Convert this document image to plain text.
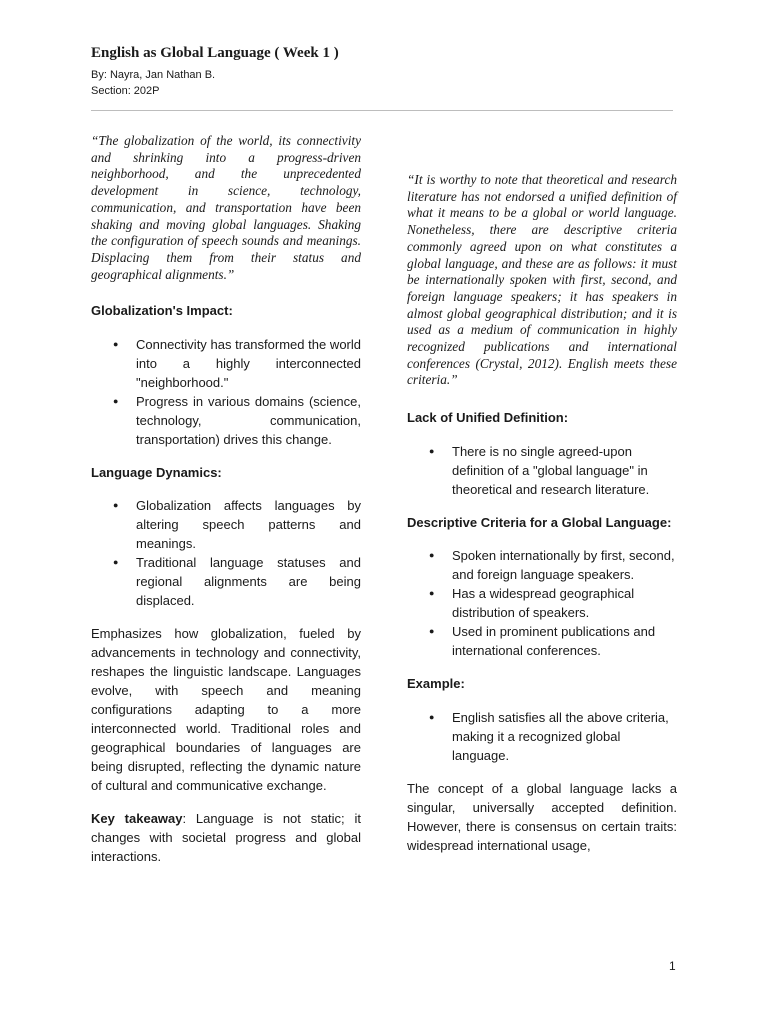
English as Global Language ( Week 1 )

By: Nayra, Jan Nathan B.

Section: 202P

“The globalization of the world, its connectivity and shrinking into a progress-driven neighborhood, and the unprecedented development in science, technology, communication, and transportation have been shaking and moving global languages. Shaking the configuration of speech sounds and meanings. Displacing them from their status and geographical alignments.”

Globalization's Impact:

● Connectivity has transformed the world into a highly interconnected "neighborhood."
● Progress in various domains (science, technology, communication, transportation) drives this change.

Language Dynamics:

● Globalization affects languages by altering speech patterns and meanings.
● Traditional language statuses and regional alignments are being displaced.

Emphasizes how globalization, fueled by advancements in technology and connectivity, reshapes the linguistic landscape. Languages evolve, with speech and meaning configurations adapting to a more interconnected world. Traditional roles and geographical boundaries of languages are being disrupted, reflecting the dynamic nature of cultural and communicative exchange.

Key takeaway: Language is not static; it changes with societal progress and global interactions.

“It is worthy to note that theoretical and research literature has not endorsed a unified definition of what it means to be a global or world language. Nonetheless, there are descriptive criteria commonly agreed upon on what constitutes a global language, and these are as follows: it must be internationally spoken with first, second, and foreign language speakers; it has speakers in almost global geographical distribution; and it is used as a medium of communication in highly recognized publications and international conferences (Crystal, 2012). English meets these criteria.”

Lack of Unified Definition:

● There is no single agreed-upon definition of a "global language" in theoretical and research literature.

Descriptive Criteria for a Global Language:

● Spoken internationally by first, second, and foreign language speakers.
● Has a widespread geographical distribution of speakers.
● Used in prominent publications and international conferences.

Example:

● English satisfies all the above criteria, making it a recognized global language.

The concept of a global language lacks a singular, universally accepted definition. However, there is consensus on certain traits: widespread international usage,

1
